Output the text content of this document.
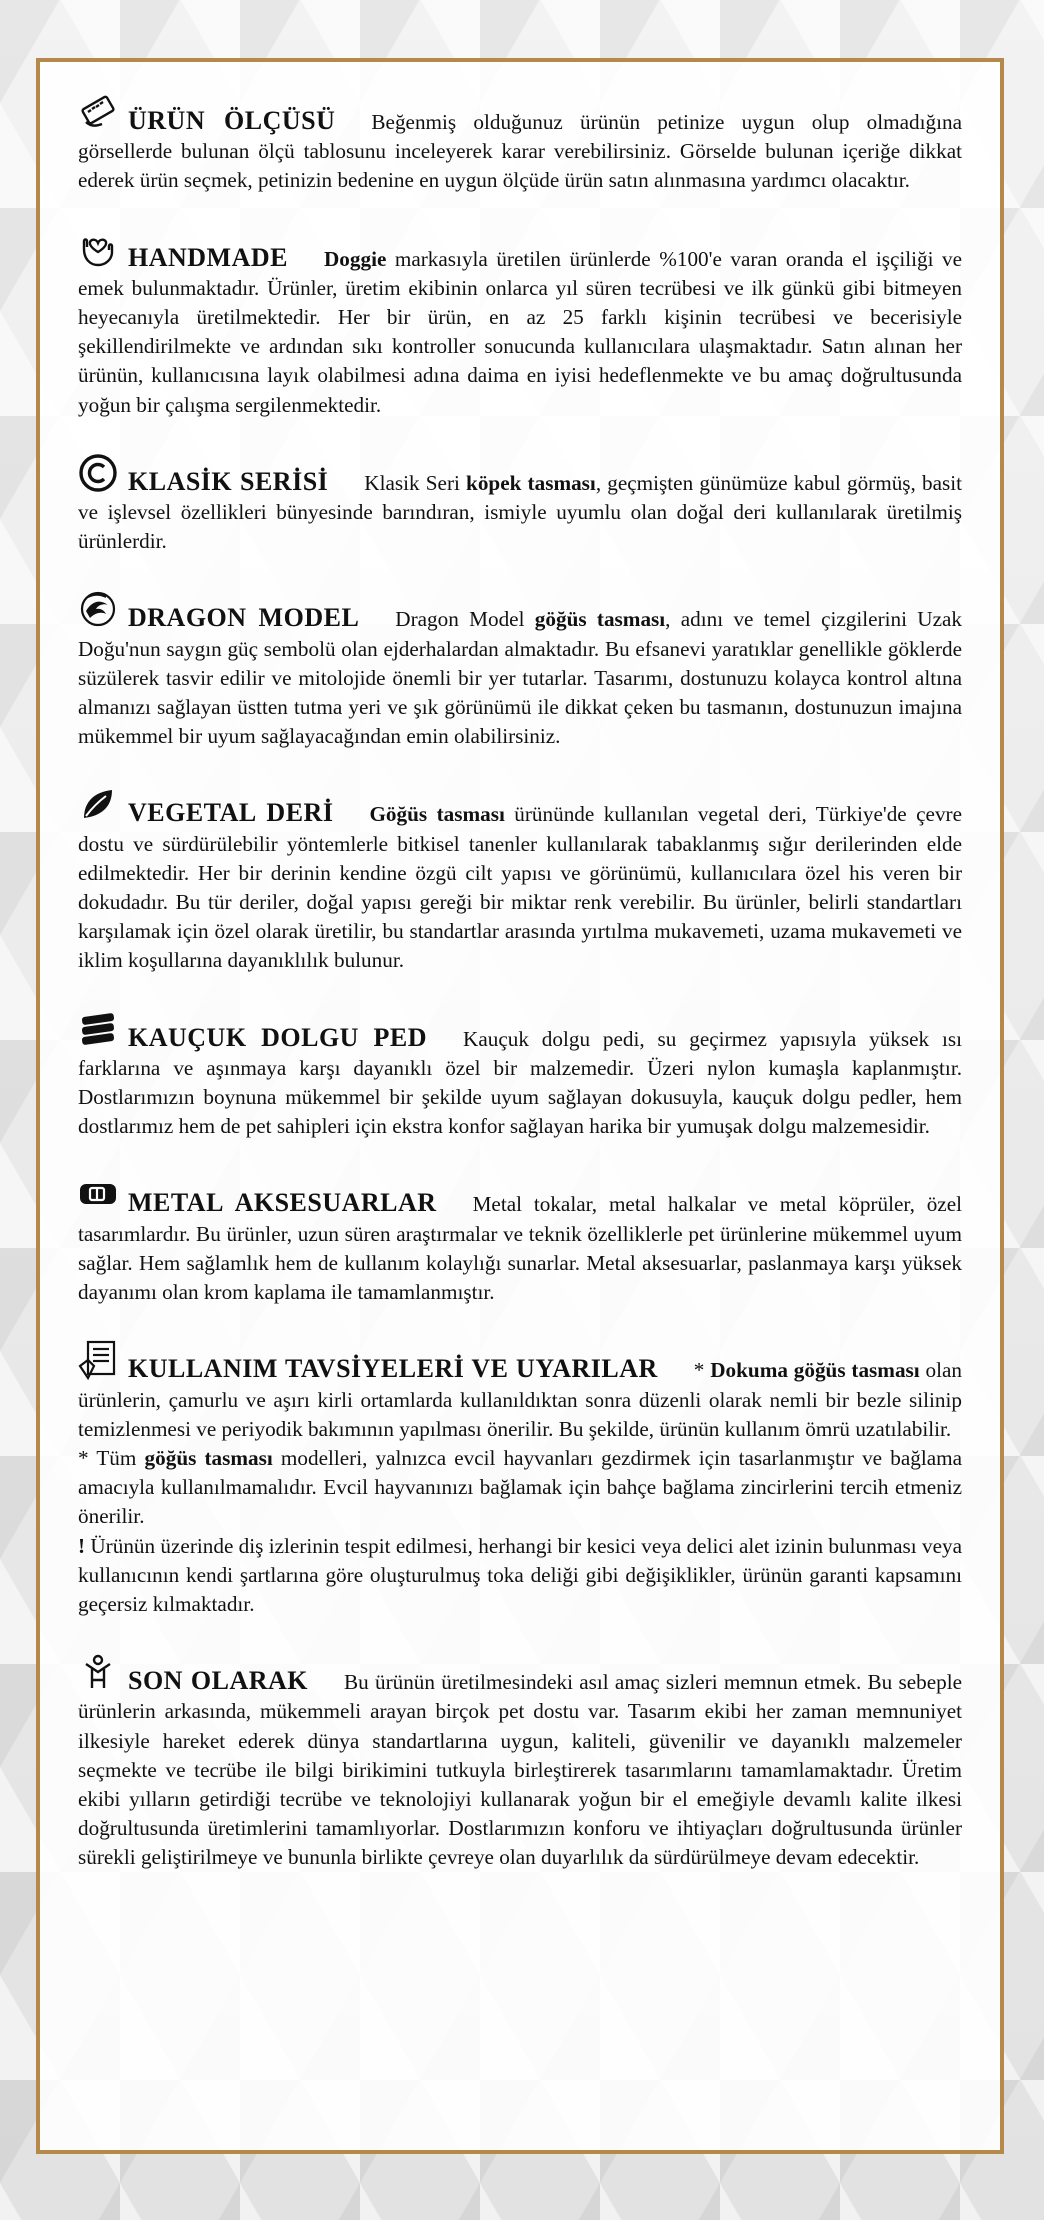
ÜRÜN ÖLÇÜSÜ Beğenmiş olduğunuz ürünün petinize uygun olup olmadığına görsellerde bulunan ölçü tablosunu inceleyerek karar verebilirsiniz. Görselde bulunan içeriğe dikkat ederek ürün seçmek, petinizin bedenine en uygun ölçüde ürün satın alınmasına yardımcı olacaktır.

HANDMADE Doggie markasıyla üretilen ürünlerde %100'e varan oranda el işçiliği ve emek bulunmaktadır. Ürünler, üretim ekibinin onlarca yıl süren tecrübesi ve ilk günkü gibi bitmeyen heyecanıyla üretilmektedir. Her bir ürün, en az 25 farklı kişinin tecrübesi ve becerisiyle şekillendirilmekte ve ardından sıkı kontroller sonucunda kullanıcılara ulaşmaktadır. Satın alınan her ürünün, kullanıcısına layık olabilmesi adına daima en iyisi hedeflenmekte ve bu amaç doğrultusunda yoğun bir çalışma sergilenmektedir.

KLASİK SERİSİ Klasik Seri köpek tasması, geçmişten günümüze kabul görmüş, basit ve işlevsel özellikleri bünyesinde barındıran, ismiyle uyumlu olan doğal deri kullanılarak üretilmiş ürünlerdir.

DRAGON MODEL Dragon Model göğüs tasması, adını ve temel çizgilerini Uzak Doğu'nun saygın güç sembolü olan ejderhalardan almaktadır. Bu efsanevi yaratıklar genellikle göklerde süzülerek tasvir edilir ve mitolojide önemli bir yer tutarlar. Tasarımı, dostunuzu kolayca kontrol altına almanızı sağlayan üstten tutma yeri ve şık görünümü ile dikkat çeken bu tasmanın, dostunuzun imajına mükemmel bir uyum sağlayacağından emin olabilirsiniz.

VEGETAL DERİ Göğüs tasması ürününde kullanılan vegetal deri, Türkiye'de çevre dostu ve sürdürülebilir yöntemlerle bitkisel tanenler kullanılarak tabaklanmış sığır derilerinden elde edilmektedir. Her bir derinin kendine özgü cilt yapısı ve görünümü, kullanıcılara özel his veren bir dokudadır. Bu tür deriler, doğal yapısı gereği bir miktar renk verebilir. Bu ürünler, belirli standartları karşılamak için özel olarak üretilir, bu standartlar arasında yırtılma mukavemeti, uzama mukavemeti ve iklim koşullarına dayanıklılık bulunur.

KAUÇUK DOLGU PED Kauçuk dolgu pedi, su geçirmez yapısıyla yüksek ısı farklarına ve aşınmaya karşı dayanıklı özel bir malzemedir. Üzeri nylon kumaşla kaplanmıştır. Dostlarımızın boynuna mükemmel bir şekilde uyum sağlayan dokusuyla, kauçuk dolgu pedler, hem dostlarımız hem de pet sahipleri için ekstra konfor sağlayan harika bir yumuşak dolgu malzemesidir.

METAL AKSESUARLAR Metal tokalar, metal halkalar ve metal köprüler, özel tasarımlardır. Bu ürünler, uzun süren araştırmalar ve teknik özelliklerle pet ürünlerine mükemmel uyum sağlar. Hem sağlamlık hem de kullanım kolaylığı sunarlar. Metal aksesuarlar, paslanmaya karşı yüksek dayanımı olan krom kaplama ile tamamlanmıştır.

KULLANIM TAVSİYELERİ VE UYARILAR * Dokuma göğüs tasması olan ürünlerin, çamurlu ve aşırı kirli ortamlarda kullanıldıktan sonra düzenli olarak nemli bir bezle silinip temizlenmesi ve periyodik bakımının yapılması önerilir. Bu şekilde, ürünün kullanım ömrü uzatılabilir.

* Tüm göğüs tasması modelleri, yalnızca evcil hayvanları gezdirmek için tasarlanmıştır ve bağlama amacıyla kullanılmamalıdır. Evcil hayvanınızı bağlamak için bahçe bağlama zincirlerini tercih etmeniz önerilir.

! Ürünün üzerinde diş izlerinin tespit edilmesi, herhangi bir kesici veya delici alet izinin bulunması veya kullanıcının kendi şartlarına göre oluşturulmuş toka deliği gibi değişiklikler, ürünün garanti kapsamını geçersiz kılmaktadır.

SON OLARAK Bu ürünün üretilmesindeki asıl amaç sizleri memnun etmek. Bu sebeple ürünlerin arkasında, mükemmeli arayan birçok pet dostu var. Tasarım ekibi her zaman memnuniyet ilkesiyle hareket ederek dünya standartlarına uygun, kaliteli, güvenilir ve dayanıklı malzemeler seçmekte ve tecrübe ile bilgi birikimini tutkuyla birleştirerek tasarımlarını tamamlamaktadır. Üretim ekibi yılların getirdiği tecrübe ve teknolojiyi kullanarak yoğun bir el emeğiyle devamlı kalite ilkesi doğrultusunda üretimlerini tamamlıyorlar. Dostlarımızın konforu ve ihtiyaçları doğrultusunda ürünler sürekli geliştirilmeye ve bununla birlikte çevreye olan duyarlılık da sürdürülmeye devam edecektir.
